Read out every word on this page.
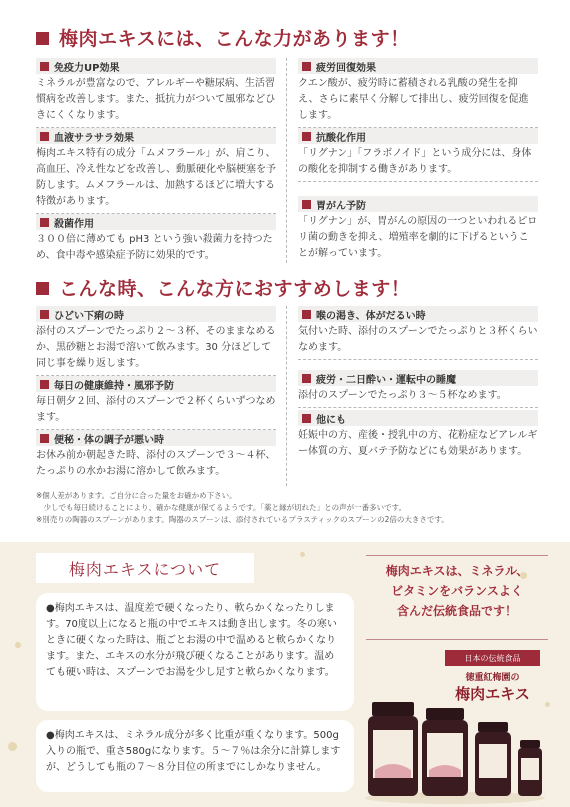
梅肉エキスには、こんな力があります！
免疫力UP効果
ミネラルが豊富なので、アレルギーや糖尿病、生活習慣病を改善します。また、抵抗力がついて風邪などひきにくくなります。
血液サラサラ効果
梅肉エキス特有の成分「ムメフラール」が、肩こり、高血圧、冷え性などを改善し、動脈硬化や脳梗塞を予防します。ムメフラールは、加熱するほどに増大する特徴があります。
殺菌作用
３００倍に薄めても pH3 という強い殺菌力を持つため、食中毒や感染症予防に効果的です。
疲労回復効果
クエン酸が、疲労時に蓄積される乳酸の発生を抑え、さらに素早く分解して排出し、疲労回復を促進します。
抗酸化作用
「リグナン」「フラボノイド」という成分には、身体の酸化を抑制する働きがあります。
胃がん予防
「リグナン」が、胃がんの原因の一つといわれるピロリ菌の動きを抑え、増殖率を劇的に下げるということが解っています。
こんな時、こんな方におすすめします！
ひどい下痢の時
添付のスプーンでたっぷり２～３杯、そのままなめるか、黒砂糖とお湯で溶いて飲みます。30 分ほどして同じ事を繰り返します。
毎日の健康維持・風邪予防
毎日朝夕２回、添付のスプーンで２杯くらいずつなめます。
便秘・体の調子が悪い時
お休み前か朝起きた時、添付のスプーンで３～４杯、たっぷりの水かお湯に溶かして飲みます。
喉の渇き、体がだるい時
気付いた時、添付のスプーンでたっぷりと３杯くらいなめます。
疲労・二日酔い・運転中の睡魔
添付のスプーンでたっぷり３～５杯なめます。
他にも
妊娠中の方、産後・授乳中の方、花粉症などアレルギー体質の方、夏バテ予防などにも効果があります。
※個人差があります。ご自分に合った量をお確かめ下さい。
　少しでも毎日続けることにより、確かな健康が保てるようです。「薬と縁が切れた」との声が一番多いです。
※別売りの陶器のスプーンがあります。陶器のスプーンは、添付されているプラスティックのスプーンの2倍の大きさです。
梅肉エキスについて
●梅肉エキスは、温度差で硬くなったり、軟らかくなったりします。70度以上になると瓶の中でエキスは動き出します。冬の寒いときに硬くなった時は、瓶ごとお湯の中で温めると軟らかくなります。また、エキスの水分が飛び硬くなることがあります。温めても硬い時は、スプーンでお湯を少し足すと軟らかくなります。
●梅肉エキスは、ミネラル成分が多く比重が重くなります。500g入りの瓶で、重さ580gになります。５～７％は余分に計算しますが、どうしても瓶の７～８分目位の所までにしかなりません。
梅肉エキスは、ミネラル、
ビタミンをバランスよく
含んだ伝統食品です！
日本の伝統食品
徳重紅梅園の
梅肉エキス
